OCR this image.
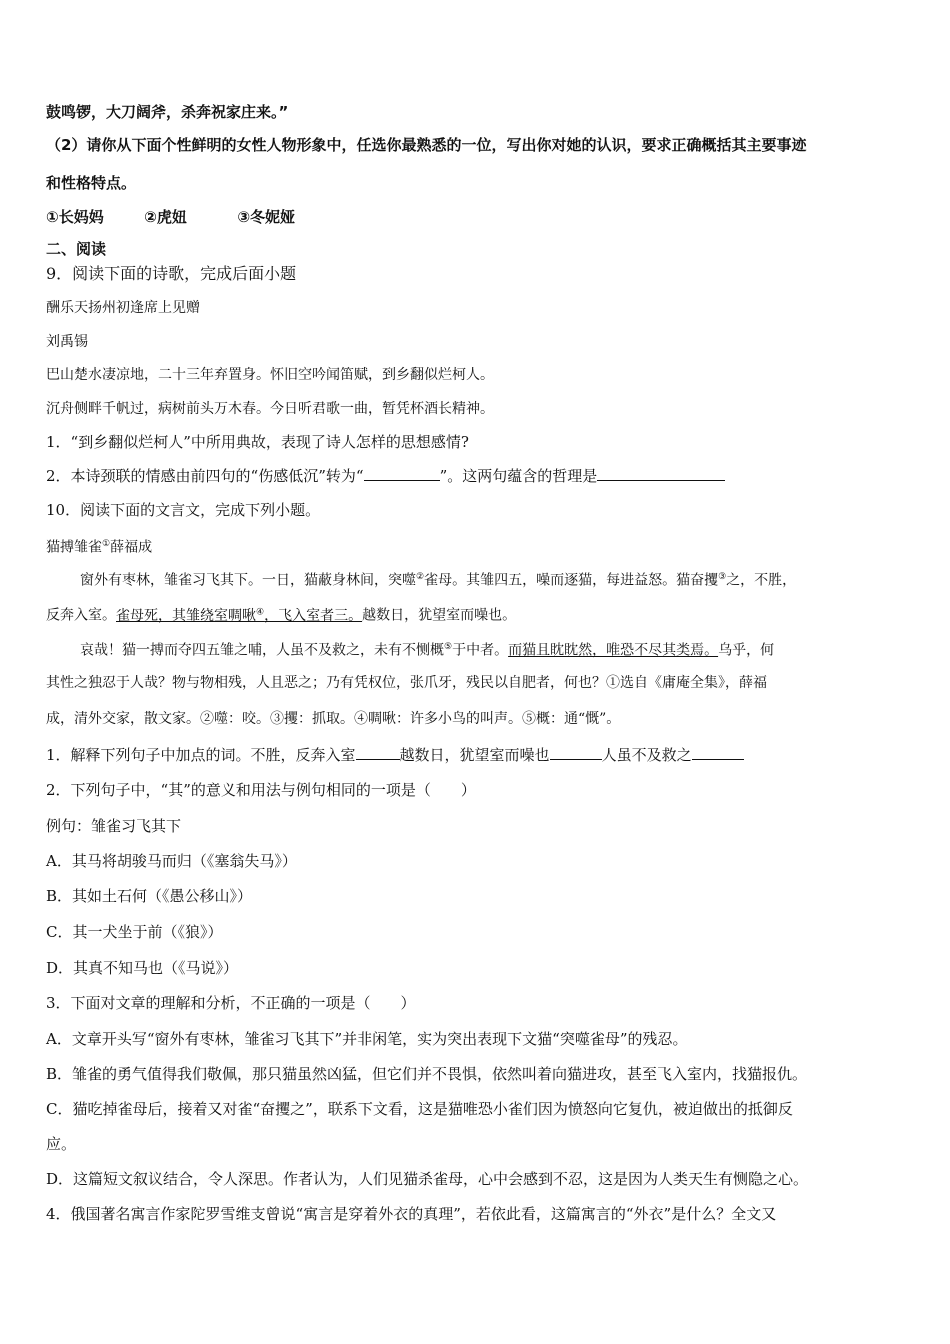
鼓鸣锣，大刀阔斧，杀奔祝家庄来。”
（2）请你从下面个性鲜明的女性人物形象中，任选你最熟悉的一位，写出你对她的认识，要求正确概括其主要事迹
和性格特点。
①长妈妈	②虎妞	③冬妮娅
二、阅读
9．阅读下面的诗歌，完成后面小题
酬乐天扬州初逢席上见赠
刘禹锡
巴山楚水凄凉地，二十三年弃置身。怀旧空吟闻笛赋，到乡翻似烂柯人。
沉舟侧畔千帆过，病树前头万木春。今日听君歌一曲，暂凭杯酒长精神。
1．“到乡翻似烂柯人”中所用典故，表现了诗人怎样的思想感情?
2．本诗颈联的情感由前四句的“伤感低沉”转为“	”。这两句蕴含的哲理是
10．阅读下面的文言文，完成下列小题。
猫搏雏雀①薛福成
窗外有枣林，雏雀习飞其下。一日，猫蔽身林间，突噬②雀母。其雏四五，噪而逐猫，每进益怒。猫奋攫③之，不胜，
反奔入室。雀母死，其雏绕室啁啾④，飞入室者三。越数日，犹望室而噪也。
哀哉！猫一搏而夺四五雏之哺，人虽不及救之，未有不恻概⑤于中者。而猫且眈眈然，唯恐不尽其类焉。乌乎，何
其性之独忍于人哉？物与物相残，人且恶之；乃有凭权位，张爪牙，残民以自肥者，何也？①选自《庸庵全集》，薛福
成，清外交家，散文家。②噬：咬。③攫：抓取。④啁啾：许多小鸟的叫声。⑤概：通“慨”。
1．解释下列句子中加点的词。不胜，反奔入室	越数日，犹望室而噪也	人虽不及救之
2．下列句子中，“其”的意义和用法与例句相同的一项是（　　）
例句：雏雀习飞其下
A．其马将胡骏马而归（《塞翁失马》）
B．其如土石何（《愚公移山》）
C．其一犬坐于前（《狼》）
D．其真不知马也（《马说》）
3．下面对文章的理解和分析，不正确的一项是（　　）
A．文章开头写“窗外有枣林，雏雀习飞其下”并非闲笔，实为突出表现下文猫“突噬雀母”的残忍。
B．雏雀的勇气值得我们敬佩，那只猫虽然凶猛，但它们并不畏惧，依然叫着向猫进攻，甚至飞入室内，找猫报仇。
C．猫吃掉雀母后，接着又对雀“奋攫之”，联系下文看，这是猫唯恐小雀们因为愤怒向它复仇，被迫做出的抵御反
应。
D．这篇短文叙议结合，令人深思。作者认为，人们见猫杀雀母，心中会感到不忍，这是因为人类天生有恻隐之心。
4．俄国著名寓言作家陀罗雪维支曾说“寓言是穿着外衣的真理”，若依此看，这篇寓言的“外衣”是什么？全文又
